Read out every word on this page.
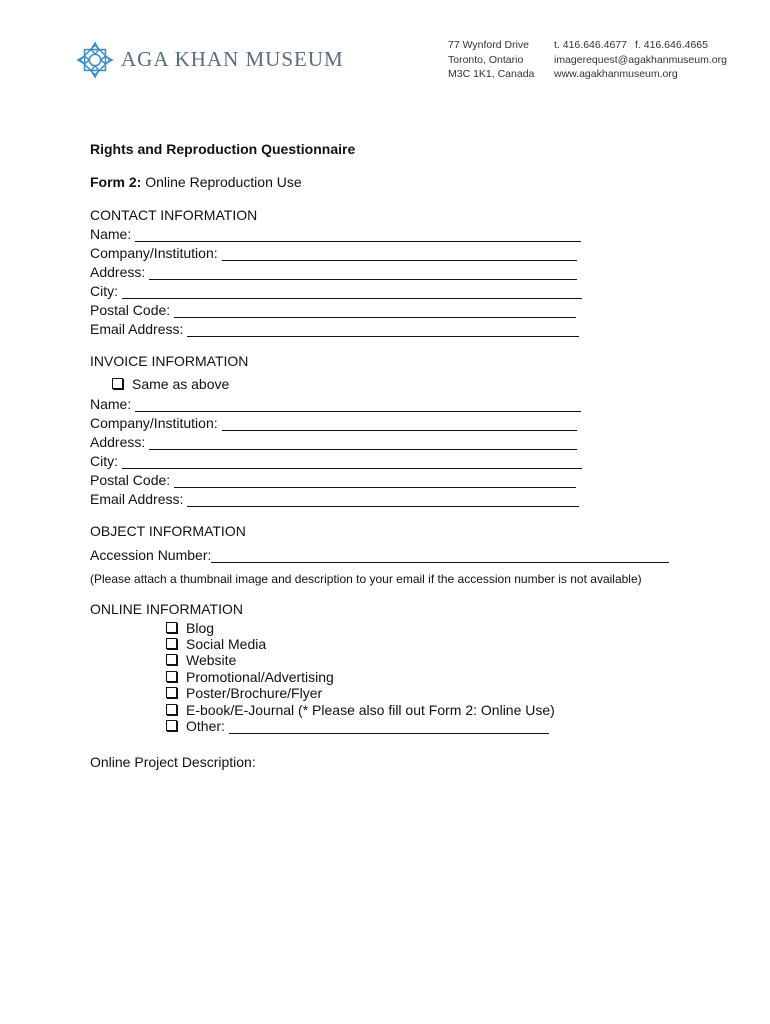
AGA KHAN MUSEUM
77 Wynford Drive
Toronto, Ontario
M3C 1K1, Canada
t. 416.646.4677 f. 416.646.4665
imagerequest@agakhanmuseum.org
www.agakhanmuseum.org
Rights and Reproduction Questionnaire
Form 2: Online Reproduction Use
CONTACT INFORMATION
Name:
Company/Institution:
Address:
City:
Postal Code:
Email Address:
INVOICE INFORMATION
Same as above
Name:
Company/Institution:
Address:
City:
Postal Code:
Email Address:
OBJECT INFORMATION
Accession Number:
(Please attach a thumbnail image and description to your email if the accession number is not available)
ONLINE INFORMATION
Blog
Social Media
Website
Promotional/Advertising
Poster/Brochure/Flyer
E-book/E-Journal (* Please also fill out Form 2: Online Use)
Other:
Online Project Description:
